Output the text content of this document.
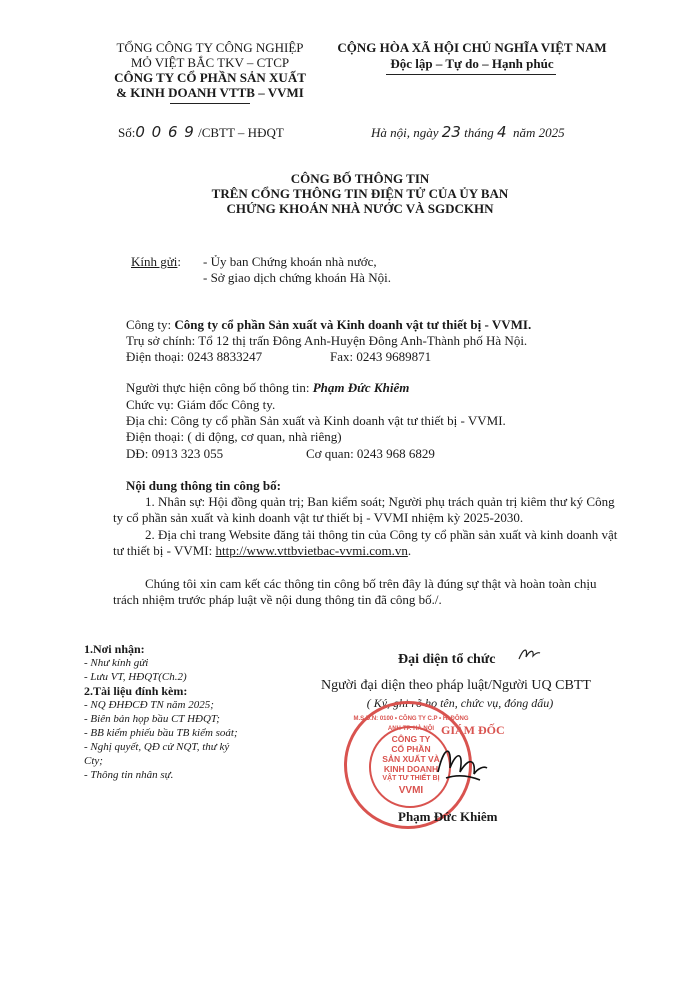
TỔNG CÔNG TY CÔNG NGHIỆP
MỎ VIỆT BẮC TKV – CTCP
CÔNG TY CỔ PHẦN SẢN XUẤT
& KINH DOANH VTTB – VVMI
CỘNG HÒA XÃ HỘI CHỦ NGHĨA VIỆT NAM
Độc lập – Tự do – Hạnh phúc
Số:0 0 6 9 /CBTT – HĐQT	Hà nội, ngày 23 tháng 4 năm 2025
CÔNG BỐ THÔNG TIN
TRÊN CỔNG THÔNG TIN ĐIỆN TỬ CỦA ỦY BAN
CHỨNG KHOÁN NHÀ NƯỚC VÀ SGDCKHN
Kính gửi: - Ủy ban Chứng khoán nhà nước,
- Sở giao dịch chứng khoán Hà Nội.
Công ty: Công ty cổ phần Sản xuất và Kinh doanh vật tư thiết bị - VVMI.
Trụ sở chính: Tổ 12 thị trấn Đông Anh-Huyện Đông Anh-Thành phố Hà Nội.
Điện thoại: 0243 8833247	Fax: 0243 9689871
Người thực hiện công bố thông tin: Phạm Đức Khiêm
Chức vụ: Giám đốc Công ty.
Địa chỉ: Công ty cổ phần Sản xuất và Kinh doanh vật tư thiết bị - VVMI.
Điện thoại: ( di động, cơ quan, nhà riêng)
DĐ: 0913 323 055	Cơ quan: 0243 968 6829
Nội dung thông tin công bố:
1. Nhân sự: Hội đồng quản trị; Ban kiểm soát; Người phụ trách quản trị kiêm thư ký Công
ty cổ phần sản xuất và kinh doanh vật tư thiết bị - VVMI nhiệm kỳ 2025-2030.
2. Địa chỉ trang Website đăng tải thông tin của Công ty cổ phần sản xuất và kinh doanh vật
tư thiết bị - VVMI: http://www.vttbvietbac-vvmi.com.vn.
Chúng tôi xin cam kết các thông tin công bố trên đây là đúng sự thật và hoàn toàn chịu
trách nhiệm trước pháp luật về nội dung thông tin đã công bố./.
1.Nơi nhận:
- Như kính gửi
- Lưu VT, HĐQT(Ch.2)
2.Tài liệu đính kèm:
- NQ ĐHĐCĐ TN năm 2025;
- Biên bản họp bầu CT HĐQT;
- BB kiểm phiếu bầu TB kiểm soát;
- Nghị quyết, QĐ cử NQT, thư ký
Cty;
- Thông tin nhân sự.
Đại diện tổ chức
Người đại diện theo pháp luật/Người UQ CBTT
( Ký, ghi rõ họ tên, chức vụ, đóng dấu)
GIÁM ĐỐC
M.S.D.N: 0100 • CÔNG TY C.P • H. ĐÔNG ANH-TP. HÀ NỘI
CÔNG TY
CỔ PHẦN
SẢN XUẤT VÀ
KINH DOANH
VẬT TƯ THIẾT BỊ
VVMI
Phạm Đức Khiêm
